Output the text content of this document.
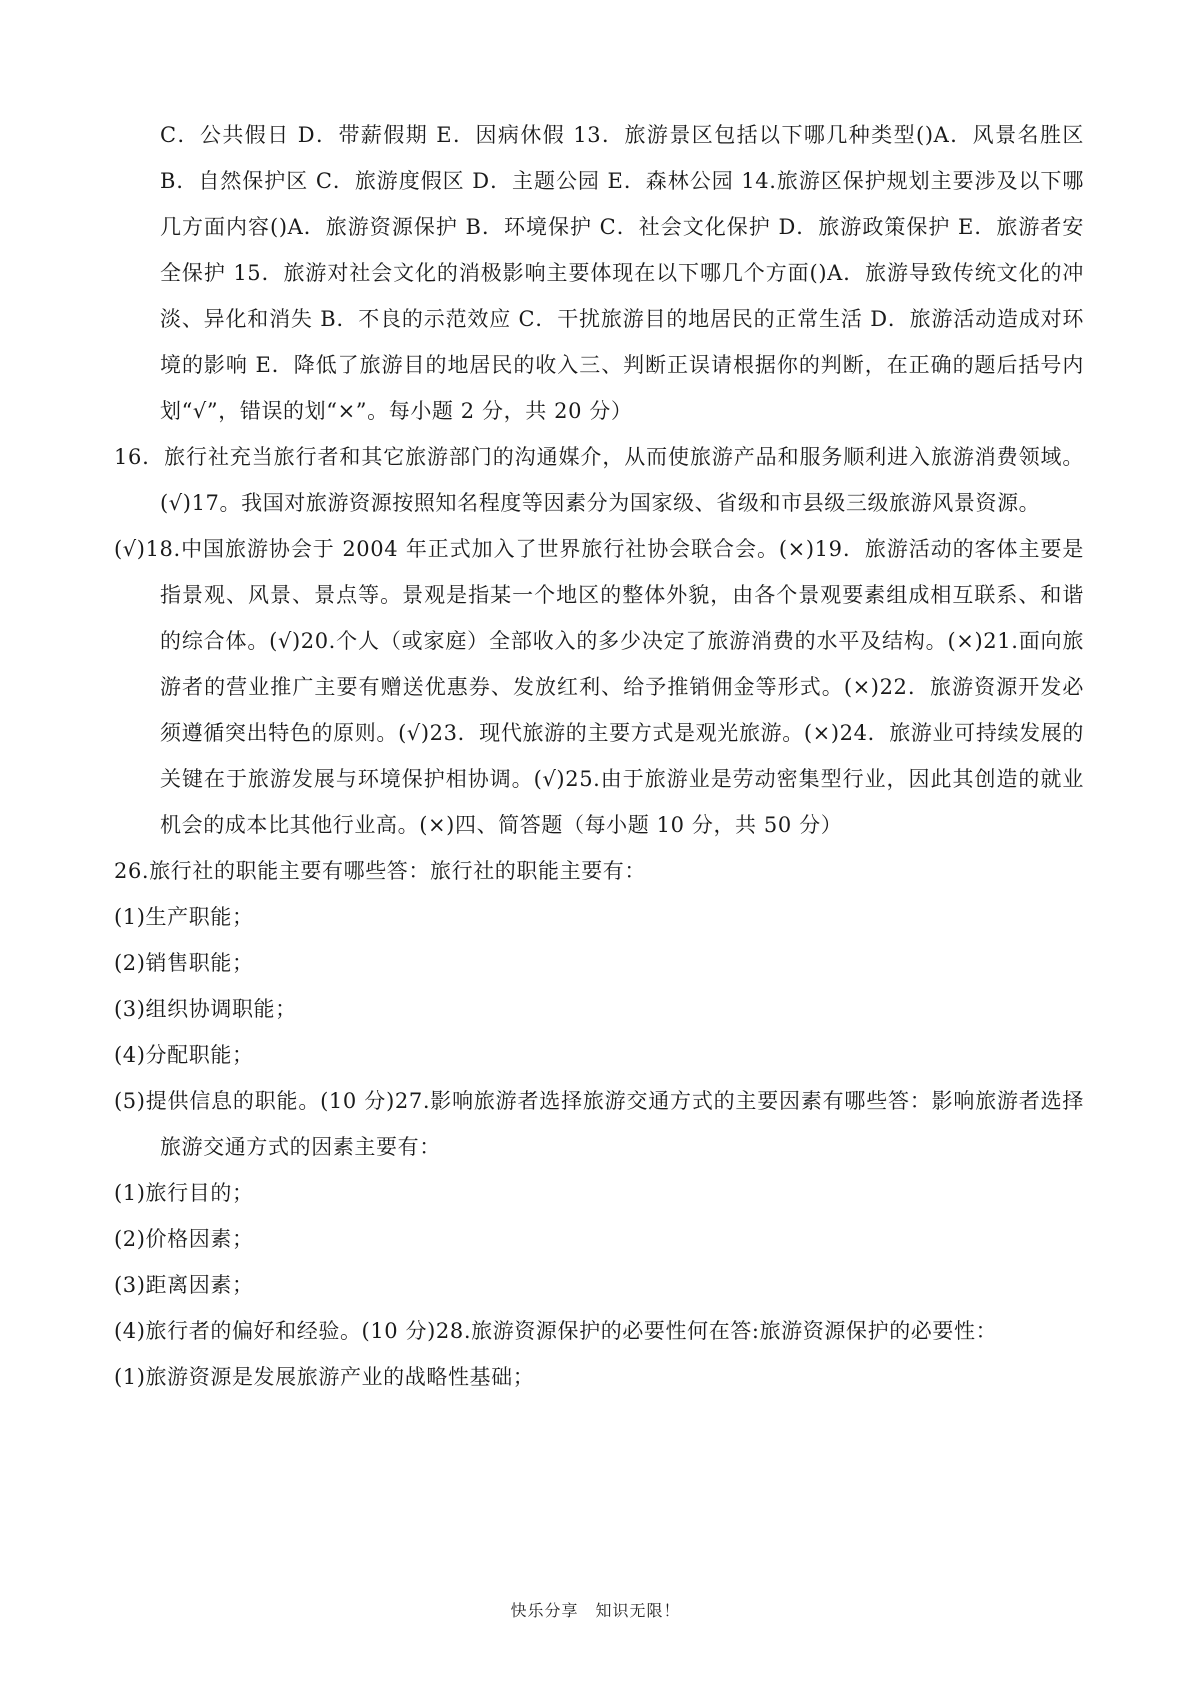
C．公共假日 D．带薪假期 E．因病休假 13．旅游景区包括以下哪几种类型()A．风景名胜区 B．自然保护区 C．旅游度假区 D．主题公园 E．森林公园 14.旅游区保护规划主要涉及以下哪几方面内容()A．旅游资源保护 B．环境保护 C．社会文化保护 D．旅游政策保护 E．旅游者安全保护 15．旅游对社会文化的消极影响主要体现在以下哪几个方面()A．旅游导致传统文化的冲淡、异化和消失 B．不良的示范效应 C．干扰旅游目的地居民的正常生活 D．旅游活动造成对环境的影响 E．降低了旅游目的地居民的收入三、判断正误请根据你的判断，在正确的题后括号内划“√”，错误的划“×”。每小题 2 分，共 20 分）

16．旅行社充当旅行者和其它旅游部门的沟通媒介，从而使旅游产品和服务顺利进入旅游消费领域。(√)17。我国对旅游资源按照知名程度等因素分为国家级、省级和市县级三级旅游风景资源。

(√)18.中国旅游协会于 2004 年正式加入了世界旅行社协会联合会。(×)19．旅游活动的客体主要是指景观、风景、景点等。景观是指某一个地区的整体外貌，由各个景观要素组成相互联系、和谐的综合体。(√)20.个人（或家庭）全部收入的多少决定了旅游消费的水平及结构。(×)21.面向旅游者的营业推广主要有赠送优惠券、发放红利、给予推销佣金等形式。(×)22．旅游资源开发必须遵循突出特色的原则。(√)23．现代旅游的主要方式是观光旅游。(×)24．旅游业可持续发展的关键在于旅游发展与环境保护相协调。(√)25.由于旅游业是劳动密集型行业，因此其创造的就业机会的成本比其他行业高。(×)四、简答题（每小题 10 分，共 50 分）

26.旅行社的职能主要有哪些答：旅行社的职能主要有：

(1)生产职能；

(2)销售职能；

(3)组织协调职能；

(4)分配职能；

(5)提供信息的职能。(10 分)27.影响旅游者选择旅游交通方式的主要因素有哪些答：影响旅游者选择旅游交通方式的因素主要有：

(1)旅行目的；

(2)价格因素；

(3)距离因素；

(4)旅行者的偏好和经验。(10 分)28.旅游资源保护的必要性何在答:旅游资源保护的必要性：

(1)旅游资源是发展旅游产业的战略性基础；

快乐分享　知识无限！
